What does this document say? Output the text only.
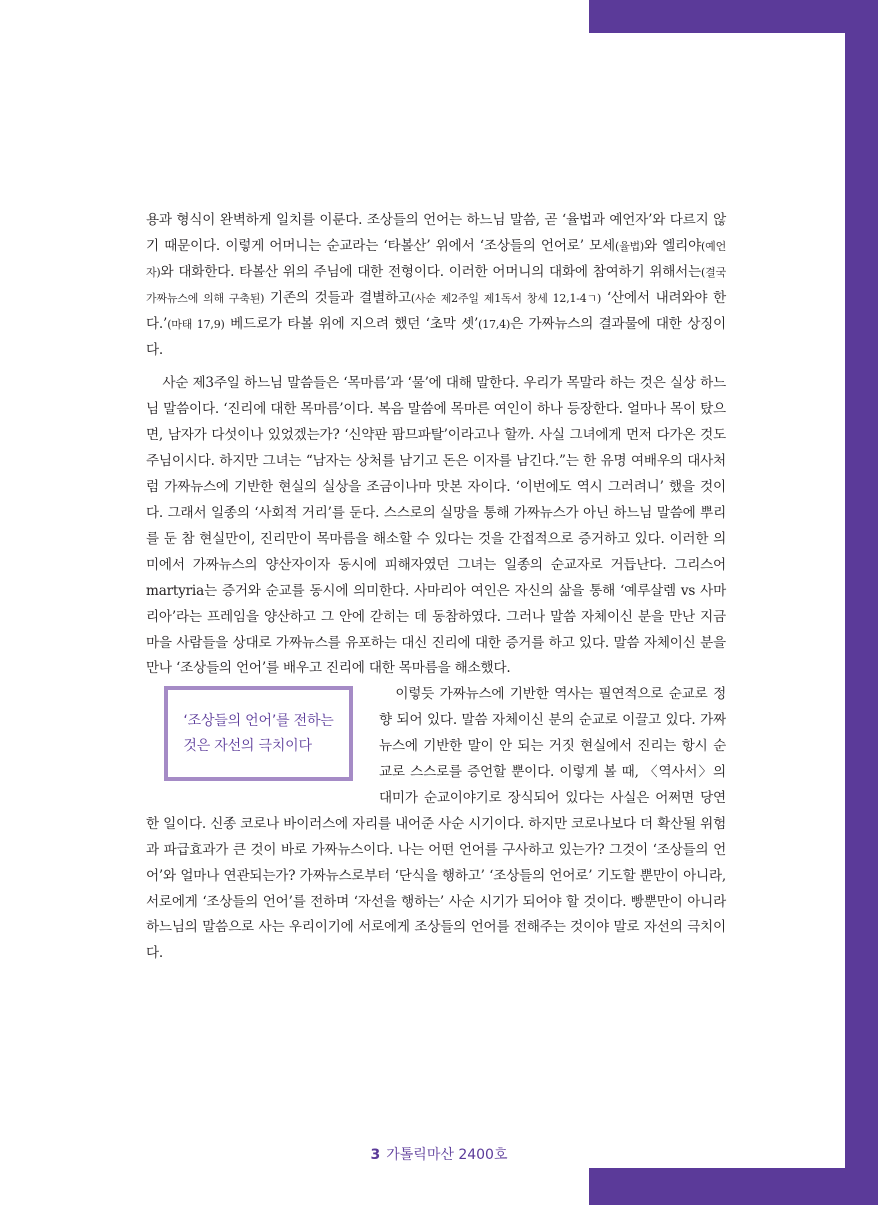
용과 형식이 완벽하게 일치를 이룬다. 조상들의 언어는 하느님 말씀, 곧 ‘율법과 예언자’와 다르지 않기 때문이다. 이렇게 어머니는 순교라는 ‘타볼산’ 위에서 ‘조상들의 언어로’ 모세(율법)와 엘리야(예언자)와 대화한다. 타볼산 위의 주님에 대한 전형이다. 이러한 어머니의 대화에 참여하기 위해서는(결국 가짜뉴스에 의해 구축된) 기존의 것들과 결별하고(사순 제2주일 제1독서 창세 12,1-4ㄱ) ‘산에서 내려와야 한다.’(마태 17,9) 베드로가 타볼 위에 지으려 했던 ‘초막 셋’(17,4)은 가짜뉴스의 결과물에 대한 상징이다.

사순 제3주일 하느님 말씀들은 ‘목마름’과 ‘물’에 대해 말한다. 우리가 목말라 하는 것은 실상 하느님 말씀이다. ‘진리에 대한 목마름’이다. 복음 말씀에 목마른 여인이 하나 등장한다. 얼마나 목이 탔으면, 남자가 다섯이나 있었겠는가? ‘신약판 팜므파탈’이라고나 할까. 사실 그녀에게 먼저 다가온 것도 주님이시다. 하지만 그녀는 “남자는 상처를 남기고 돈은 이자를 남긴다.”는 한 유명 여배우의 대사처럼 가짜뉴스에 기반한 현실의 실상을 조금이나마 맛본 자이다. ‘이번에도 역시 그러려니’ 했을 것이다. 그래서 일종의 ‘사회적 거리’를 둔다. 스스로의 실망을 통해 가짜뉴스가 아닌 하느님 말씀에 뿌리를 둔 참 현실만이, 진리만이 목마름을 해소할 수 있다는 것을 간접적으로 증거하고 있다. 이러한 의미에서 가짜뉴스의 양산자이자 동시에 피해자였던 그녀는 일종의 순교자로 거듭난다. 그리스어 martyria는 증거와 순교를 동시에 의미한다. 사마리아 여인은 자신의 삶을 통해 ‘예루살렘 vs 사마리아’라는 프레임을 양산하고 그 안에 갇히는 데 동참하였다. 그러나 말씀 자체이신 분을 만난 지금 마을 사람들을 상대로 가짜뉴스를 유포하는 대신 진리에 대한 증거를 하고 있다. 말씀 자체이신 분을 만나 ‘조상들의 언어’를 배우고 진리에 대한 목마름을 해소했다.

‘조상들의 언어’를 전하는
것은 자선의 극치이다

이렇듯 가짜뉴스에 기반한 역사는 필연적으로 순교로 정향 되어 있다. 말씀 자체이신 분의 순교로 이끌고 있다. 가짜뉴스에 기반한 말이 안 되는 거짓 현실에서 진리는 항시 순교로 스스로를 증언할 뿐이다. 이렇게 볼 때, 〈역사서〉의 대미가 순교이야기로 장식되어 있다는 사실은 어쩌면 당연한 일이다. 신종 코로나 바이러스에 자리를 내어준 사순 시기이다. 하지만 코로나보다 더 확산될 위험과 파급효과가 큰 것이 바로 가짜뉴스이다. 나는 어떤 언어를 구사하고 있는가? 그것이 ‘조상들의 언어’와 얼마나 연관되는가? 가짜뉴스로부터 ‘단식을 행하고’ ‘조상들의 언어로’ 기도할 뿐만이 아니라, 서로에게 ‘조상들의 언어’를 전하며 ‘자선을 행하는’ 사순 시기가 되어야 할 것이다. 빵뿐만이 아니라 하느님의 말씀으로 사는 우리이기에 서로에게 조상들의 언어를 전해주는 것이야 말로 자선의 극치이다.

3 가톨릭마산 2400호
